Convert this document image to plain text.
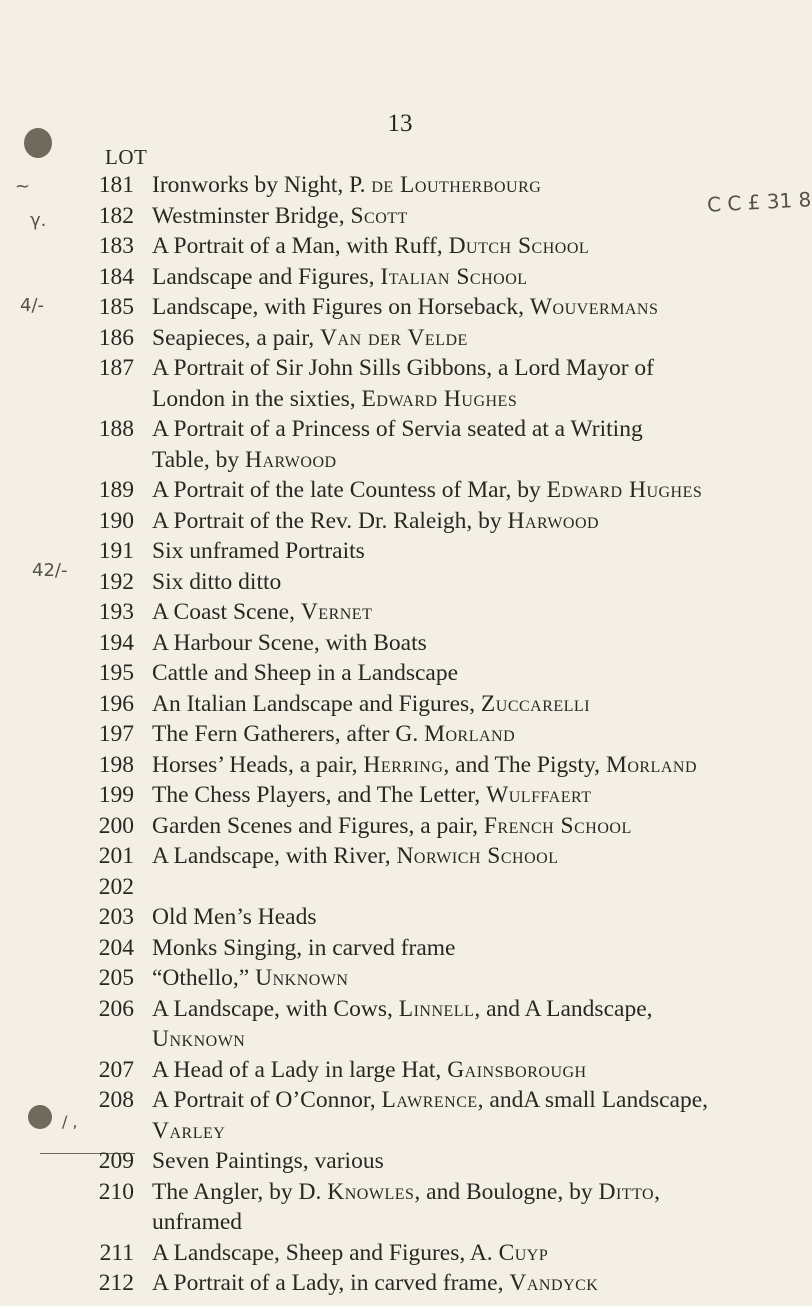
13
LOT
C C £ 31 8
~
γ.
4/-
42/-
/ ,
181 Ironworks by Night, P. de Loutherbourg
182 Westminster Bridge, Scott
183 A Portrait of a Man, with Ruff, Dutch School
184 Landscape and Figures, Italian School
185 Landscape, with Figures on Horseback, Wouvermans
186 Seapieces, a pair, Van der Velde
187 A Portrait of Sir John Sills Gibbons, a Lord Mayor of
London in the sixties, Edward Hughes
188 A Portrait of a Princess of Servia seated at a Writing
Table, by Harwood
189 A Portrait of the late Countess of Mar, by Edward Hughes
190 A Portrait of the Rev. Dr. Raleigh, by Harwood
191 Six unframed Portraits
192 Six ditto ditto
193 A Coast Scene, Vernet
194 A Harbour Scene, with Boats
195 Cattle and Sheep in a Landscape
196 An Italian Landscape and Figures, Zuccarelli
197 The Fern Gatherers, after G. Morland
198 Horses’ Heads, a pair, Herring, and The Pigsty, Morland
199 The Chess Players, and The Letter, Wulffaert
200 Garden Scenes and Figures, a pair, French School
201 A Landscape, with River, Norwich School
202
203 Old Men’s Heads
204 Monks Singing, in carved frame
205 “Othello,” Unknown
206 A Landscape, with Cows, Linnell, and A Landscape,
Unknown
207 A Head of a Lady in large Hat, Gainsborough
208 A Portrait of O’Connor, Lawrence, andA small Landscape,
Varley
209 Seven Paintings, various
210 The Angler, by D. Knowles, and Boulogne, by Ditto,
unframed
211 A Landscape, Sheep and Figures, A. Cuyp
212 A Portrait of a Lady, in carved frame, Vandyck
